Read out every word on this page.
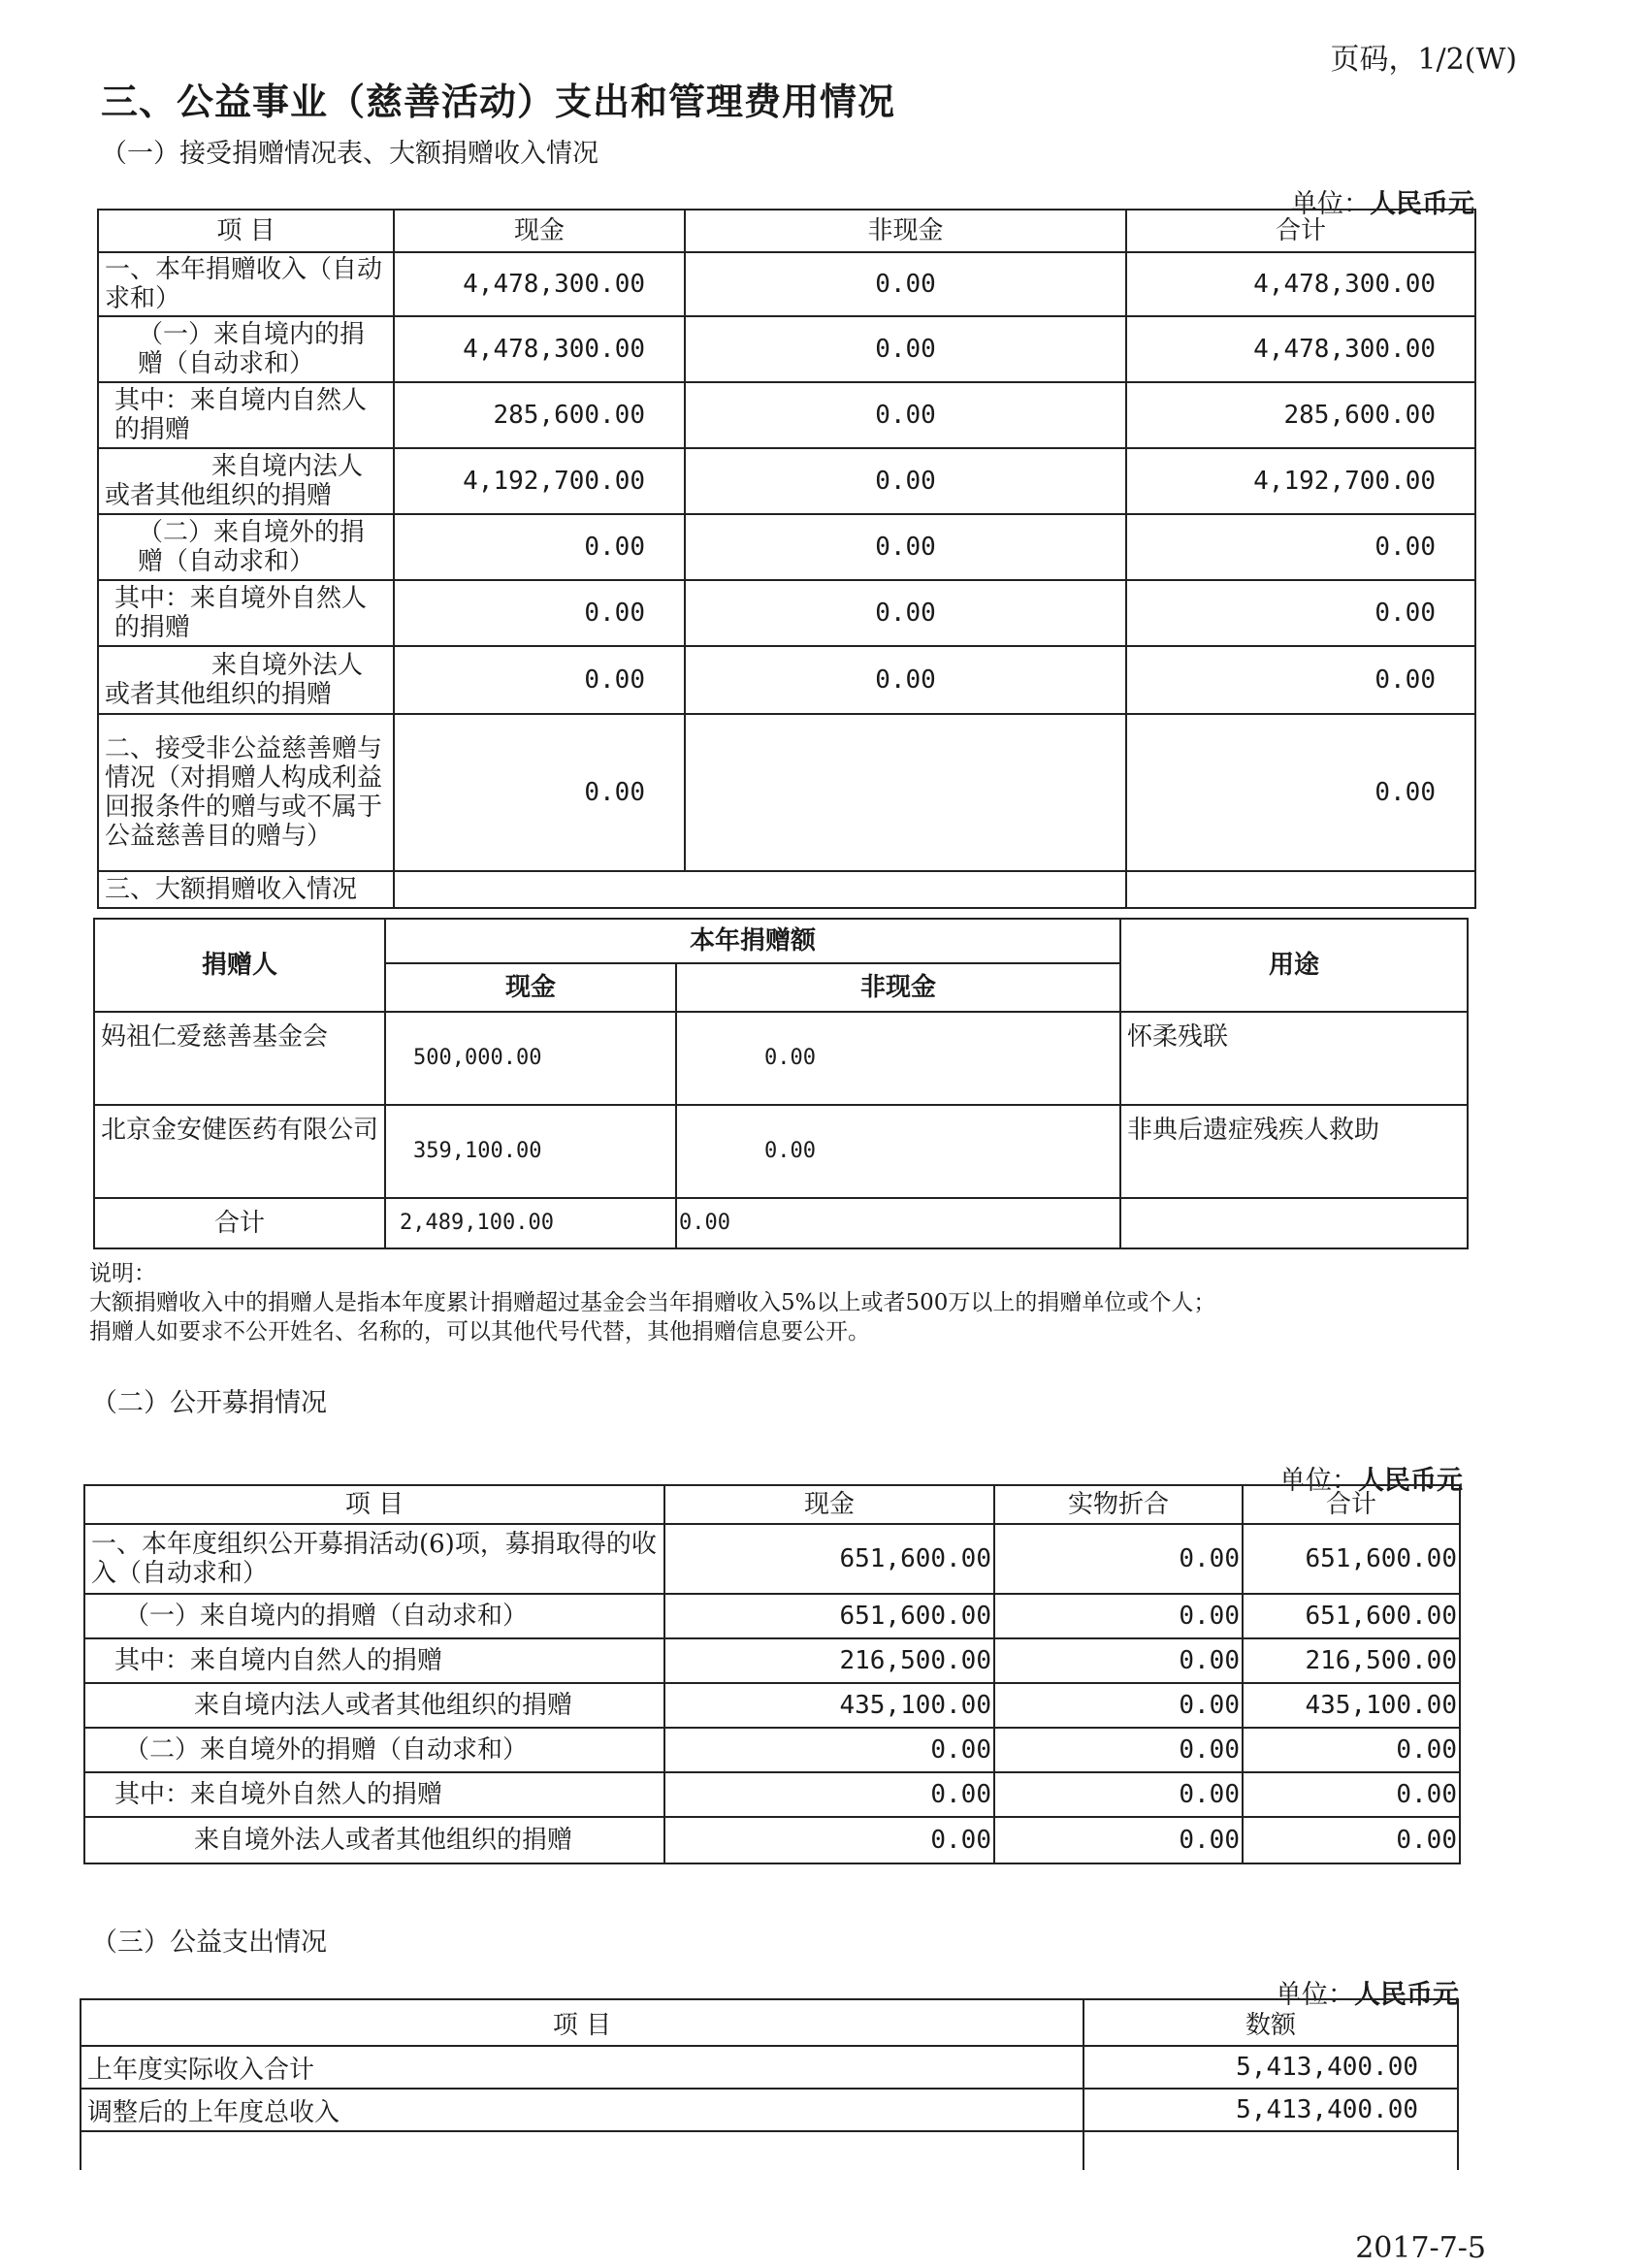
页码，1/2(W)
三、公益事业（慈善活动）支出和管理费用情况
（一）接受捐赠情况表、大额捐赠收入情况
单位：人民币元
项 目	现金	非现金	合计
一、本年捐赠收入（自动求和）	4,478,300.00	0.00	4,478,300.00
（一）来自境内的捐赠（自动求和）	4,478,300.00	0.00	4,478,300.00
其中：来自境内自然人的捐赠	285,600.00	0.00	285,600.00
来自境内法人或者其他组织的捐赠	4,192,700.00	0.00	4,192,700.00
（二）来自境外的捐赠（自动求和）	0.00	0.00	0.00
其中：来自境外自然人的捐赠	0.00	0.00	0.00
来自境外法人或者其他组织的捐赠	0.00	0.00	0.00
二、接受非公益慈善赠与情况（对捐赠人构成利益回报条件的赠与或不属于公益慈善目的赠与）	0.00		0.00
三、大额捐赠收入情况			
捐赠人	本年捐赠额		用途
	现金	非现金	
妈祖仁爱慈善基金会	500,000.00	0.00	怀柔残联
北京金安健医药有限公司	359,100.00	0.00	非典后遗症残疾人救助
合计	2,489,100.00	0.00	
说明：
大额捐赠收入中的捐赠人是指本年度累计捐赠超过基金会当年捐赠收入5%以上或者500万以上的捐赠单位或个人；
捐赠人如要求不公开姓名、名称的，可以其他代号代替，其他捐赠信息要公开。
（二）公开募捐情况
单位：人民币元
项 目	现金	实物折合	合计
一、本年度组织公开募捐活动(6)项，募捐取得的收入（自动求和）	651,600.00	0.00	651,600.00
（一）来自境内的捐赠（自动求和）	651,600.00	0.00	651,600.00
其中：来自境内自然人的捐赠	216,500.00	0.00	216,500.00
来自境内法人或者其他组织的捐赠	435,100.00	0.00	435,100.00
（二）来自境外的捐赠（自动求和）	0.00	0.00	0.00
其中：来自境外自然人的捐赠	0.00	0.00	0.00
来自境外法人或者其他组织的捐赠	0.00	0.00	0.00
（三）公益支出情况
单位：人民币元
项 目	数额
上年度实际收入合计	5,413,400.00
调整后的上年度总收入	5,413,400.00

2017-7-5
